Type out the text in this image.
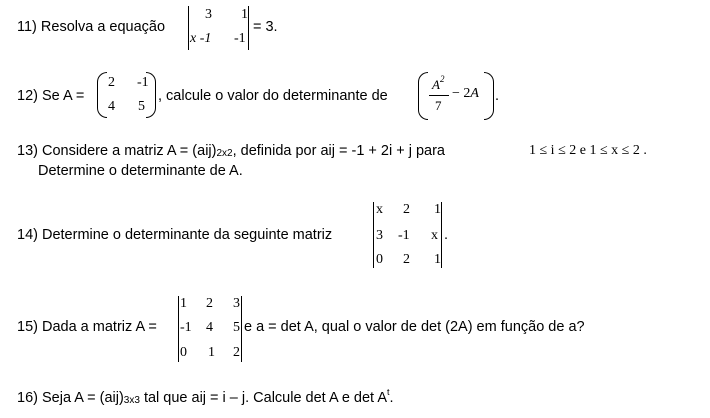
11) Resolva a equação
3 1
x -1 -1
= 3.
12) Se A =
2 -1
4 5
, calcule o valor do determinante de
$A^2$
7
− 2A .
13) Considere a matriz A = (aij)2x2, definida por aij = -1 + 2i + j para	1 ≤ i ≤ 2 e 1 ≤ x ≤ 2 .
Determine o determinante de A.
14) Determine o determinante da seguinte matriz
x 2 1
3 -1 x
0 2 1
.
15) Dada a matriz A =
1 2 3
-1 4 5
0 1 2
e a = det A, qual o valor de det (2A) em função de a?
16) Seja A = (aij)3x3 tal que aij = i – j. Calcule det A e $\det A^t$.
